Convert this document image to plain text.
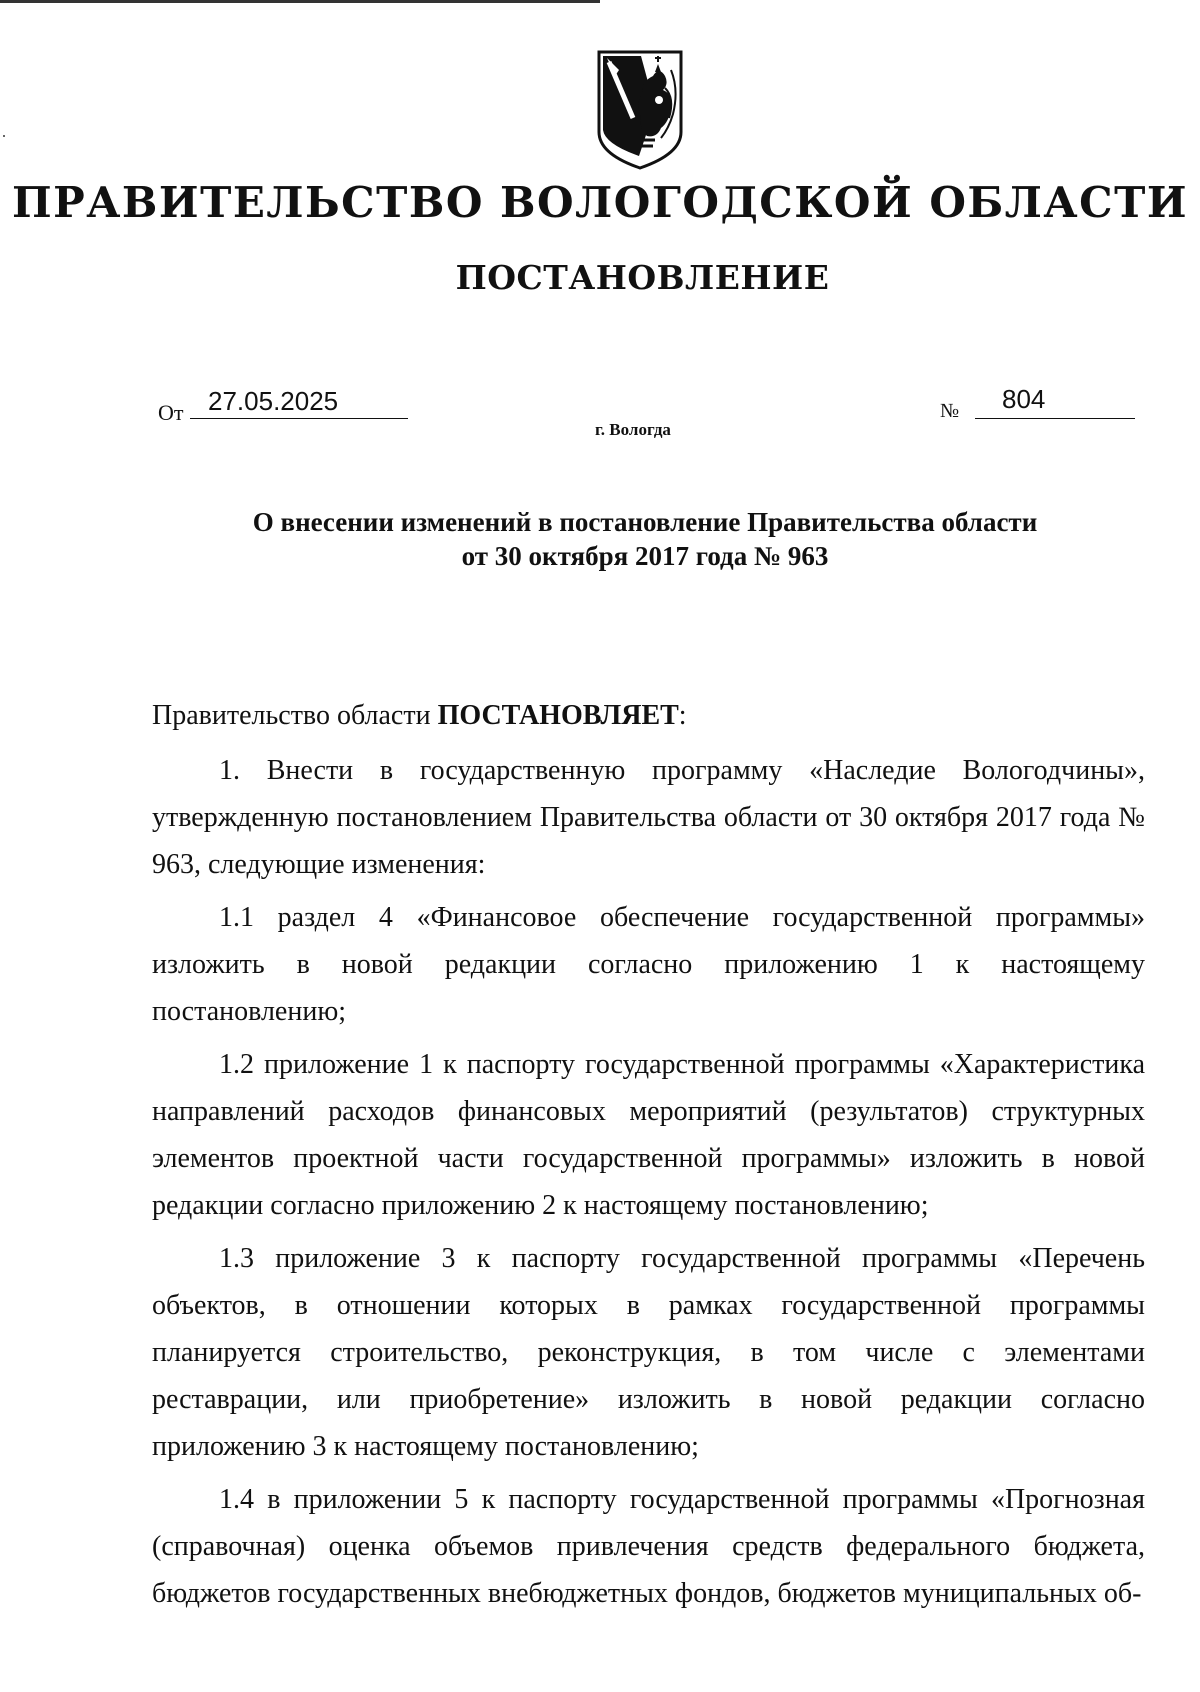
ПРАВИТЕЛЬСТВО ВОЛОГОДСКОЙ ОБЛАСТИ
ПОСТАНОВЛЕНИЕ
От 27.05.2025	№ 804
г. Вологда
О внесении изменений в постановление Правительства области
от 30 октября 2017 года № 963

Правительство области ПОСТАНОВЛЯЕТ:

1. Внести в государственную программу «Наследие Вологодчины», утвержденную постановлением Правительства области от 30 октября 2017 года № 963, следующие изменения:

1.1 раздел 4 «Финансовое обеспечение государственной программы» изложить в новой редакции согласно приложению 1 к настоящему постановлению;

1.2 приложение 1 к паспорту государственной программы «Характеристика направлений расходов финансовых мероприятий (результатов) структурных элементов проектной части государственной программы» изложить в новой редакции согласно приложению 2 к настоящему постановлению;

1.3 приложение 3 к паспорту государственной программы «Перечень объектов, в отношении которых в рамках государственной программы планируется строительство, реконструкция, в том числе с элементами реставрации, или приобретение» изложить в новой редакции согласно приложению 3 к настоящему постановлению;

1.4 в приложении 5 к паспорту государственной программы «Прогнозная (справочная) оценка объемов привлечения средств федерального бюджета, бюджетов государственных внебюджетных фондов, бюджетов муниципальных об-
